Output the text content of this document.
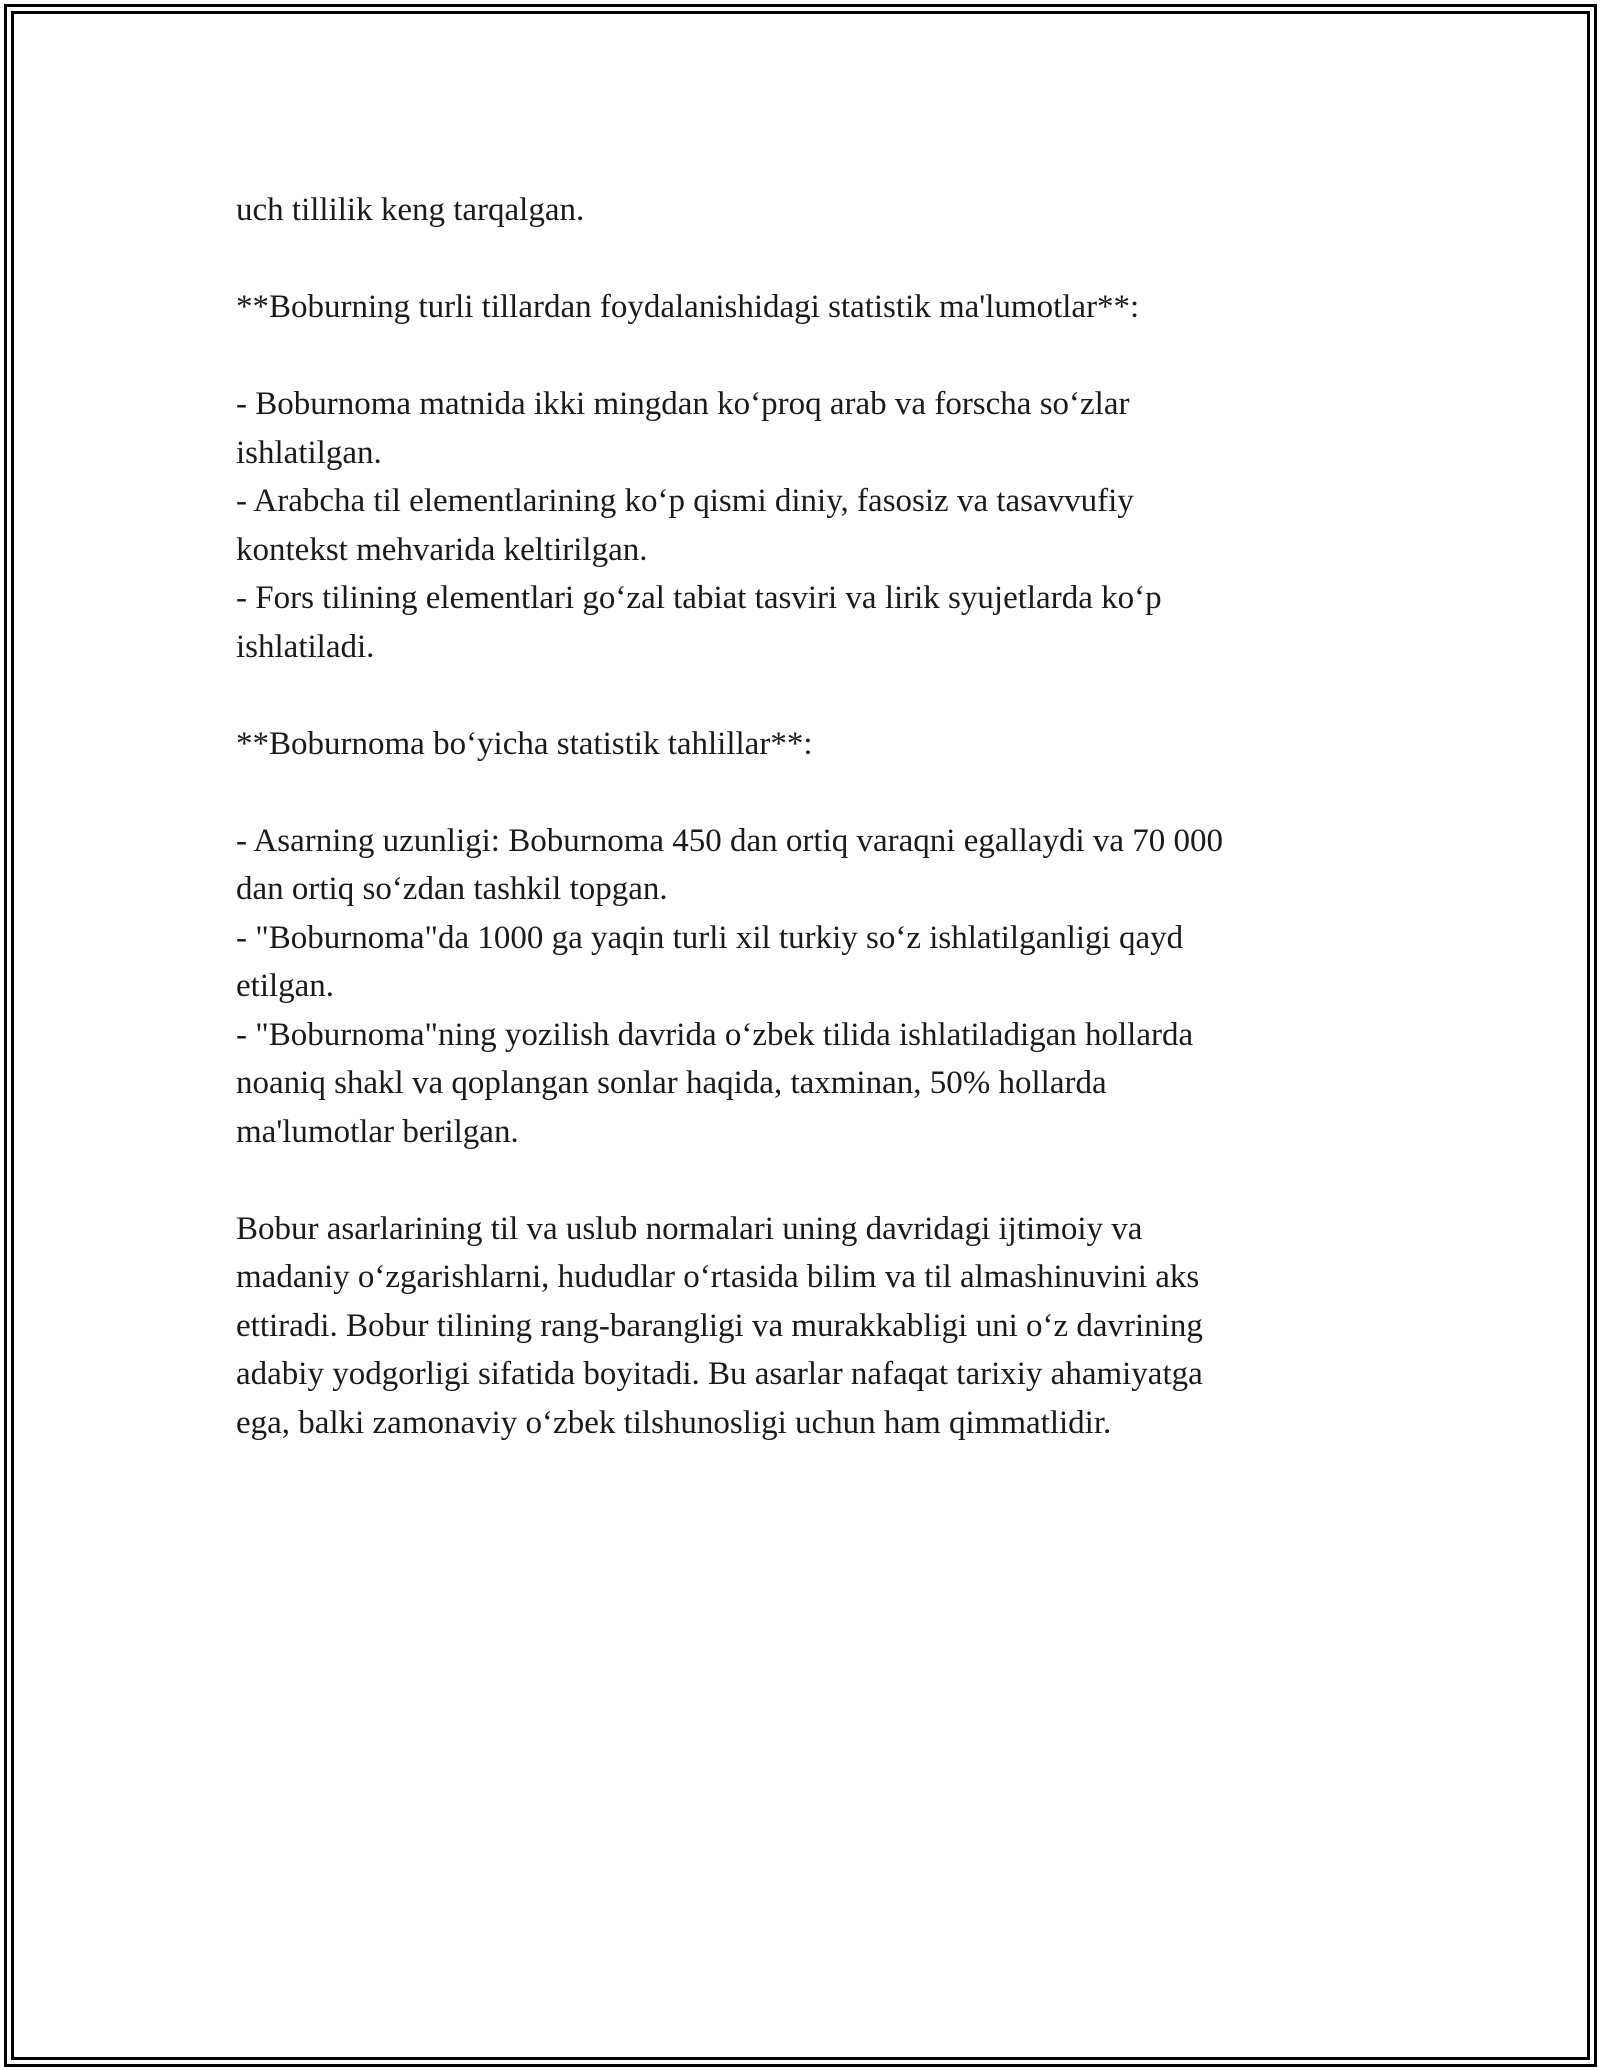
uch tillilik keng tarqalgan.
**Boburning turli tillardan foydalanishidagi statistik ma'lumotlar**:
- Boburnoma matnida ikki mingdan ko‘proq arab va forscha so‘zlar
ishlatilgan.
- Arabcha til elementlarining ko‘p qismi diniy, fasosiz va tasavvufiy
kontekst mehvarida keltirilgan.
- Fors tilining elementlari go‘zal tabiat tasviri va lirik syujetlarda ko‘p
ishlatiladi.
**Boburnoma bo‘yicha statistik tahlillar**:
- Asarning uzunligi: Boburnoma 450 dan ortiq varaqni egallaydi va 70 000
dan ortiq so‘zdan tashkil topgan.
- "Boburnoma"da 1000 ga yaqin turli xil turkiy so‘z ishlatilganligi qayd
etilgan.
- "Boburnoma"ning yozilish davrida o‘zbek tilida ishlatiladigan hollarda
noaniq shakl va qoplangan sonlar haqida, taxminan, 50% hollarda
ma'lumotlar berilgan.
Bobur asarlarining til va uslub normalari uning davridagi ijtimoiy va
madaniy o‘zgarishlarni, hududlar o‘rtasida bilim va til almashinuvini aks
ettiradi. Bobur tilining rang-barangligi va murakkabligi uni o‘z davrining
adabiy yodgorligi sifatida boyitadi. Bu asarlar nafaqat tarixiy ahamiyatga
ega, balki zamonaviy o‘zbek tilshunosligi uchun ham qimmatlidir.
